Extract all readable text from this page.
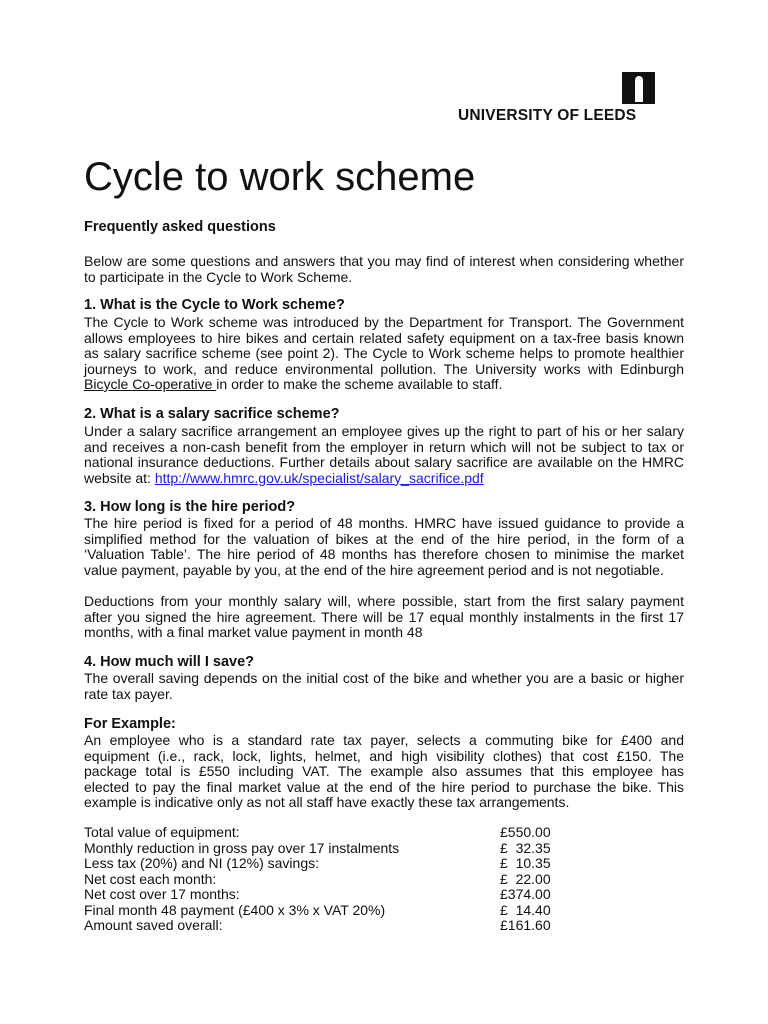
UNIVERSITY OF LEEDS
Cycle to work scheme
Frequently asked questions
Below are some questions and answers that you may find of interest when considering whether
to participate in the Cycle to Work Scheme.
1. What is the Cycle to Work scheme?
The Cycle to Work scheme was introduced by the Department for Transport. The Government
allows employees to hire bikes and certain related safety equipment on a tax-free basis known
as salary sacrifice scheme (see point 2). The Cycle to Work scheme helps to promote healthier
journeys to work, and reduce environmental pollution. The University works with Edinburgh
Bicycle Co-operative in order to make the scheme available to staff.
2. What is a salary sacrifice scheme?
Under a salary sacrifice arrangement an employee gives up the right to part of his or her salary
and receives a non-cash benefit from the employer in return which will not be subject to tax or
national insurance deductions. Further details about salary sacrifice are available on the HMRC
website at: http://www.hmrc.gov.uk/specialist/salary_sacrifice.pdf
3. How long is the hire period?
The hire period is fixed for a period of 48 months. HMRC have issued guidance to provide a
simplified method for the valuation of bikes at the end of the hire period, in the form of a
‘Valuation Table’. The hire period of 48 months has therefore chosen to minimise the market
value payment, payable by you, at the end of the hire agreement period and is not negotiable.
Deductions from your monthly salary will, where possible, start from the first salary payment
after you signed the hire agreement. There will be 17 equal monthly instalments in the first 17
months, with a final market value payment in month 48
4. How much will I save?
The overall saving depends on the initial cost of the bike and whether you are a basic or higher
rate tax payer.
For Example:
An employee who is a standard rate tax payer, selects a commuting bike for £400 and
equipment (i.e., rack, lock, lights, helmet, and high visibility clothes) that cost £150. The
package total is £550 including VAT. The example also assumes that this employee has
elected to pay the final market value at the end of the hire period to purchase the bike. This
example is indicative only as not all staff have exactly these tax arrangements.
Total value of equipment:	£550.00
Monthly reduction in gross pay over 17 instalments	£  32.35
Less tax (20%) and NI (12%) savings:	£  10.35
Net cost each month:	£  22.00
Net cost over 17 months:	£374.00
Final month 48 payment (£400 x 3% x VAT 20%)	£  14.40
Amount saved overall:	£161.60
